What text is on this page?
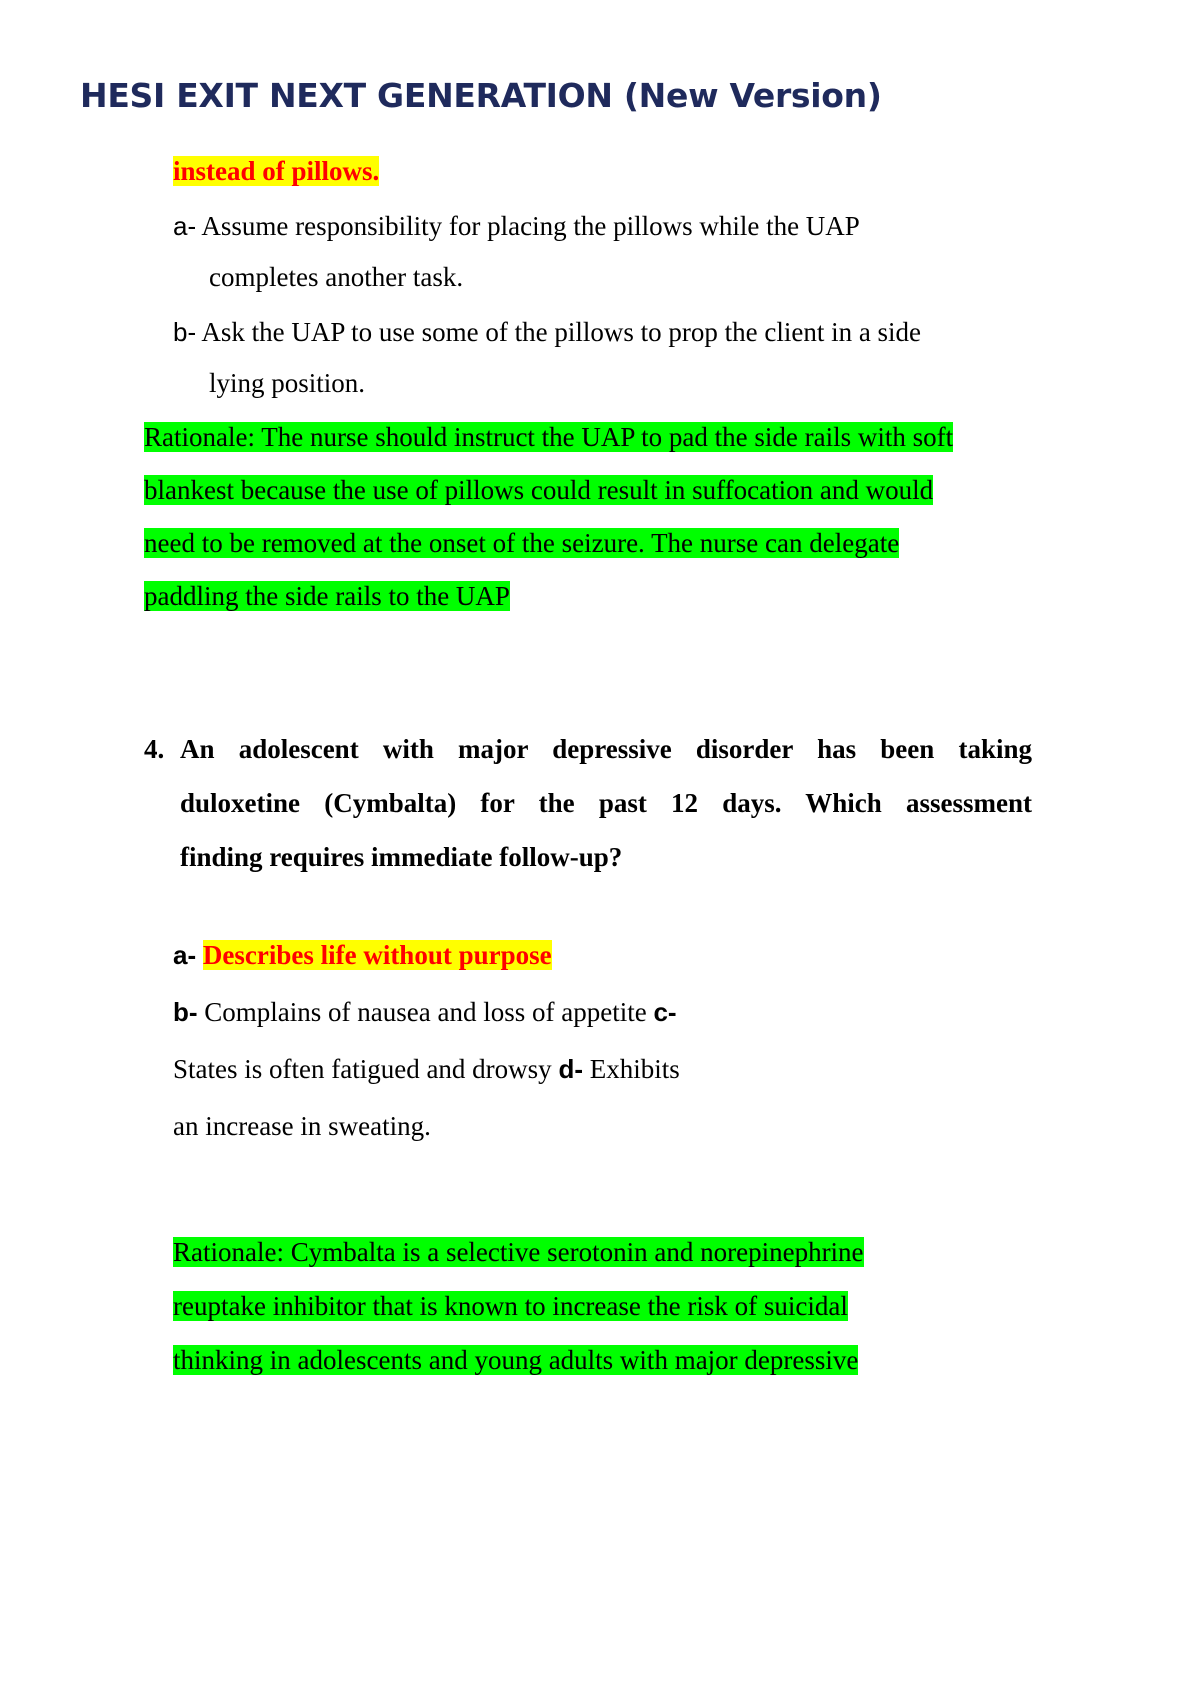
HESI EXIT NEXT GENERATION (New Version)

instead of pillows.

a- Assume responsibility for placing the pillows while the UAP

completes another task.

b- Ask the UAP to use some of the pillows to prop the client in a side

lying position.

Rationale: The nurse should instruct the UAP to pad the side rails with soft

blankest because the use of pillows could result in suffocation and would

need to be removed at the onset of the seizure. The nurse can delegate

paddling the side rails to the UAP

4. An adolescent with major depressive disorder has been taking
duloxetine (Cymbalta) for the past 12 days. Which assessment
finding requires immediate follow-up?

a- Describes life without purpose

b- Complains of nausea and loss of appetite c-

States is often fatigued and drowsy d- Exhibits

an increase in sweating.

Rationale: Cymbalta is a selective serotonin and norepinephrine

reuptake inhibitor that is known to increase the risk of suicidal

thinking in adolescents and young adults with major depressive
